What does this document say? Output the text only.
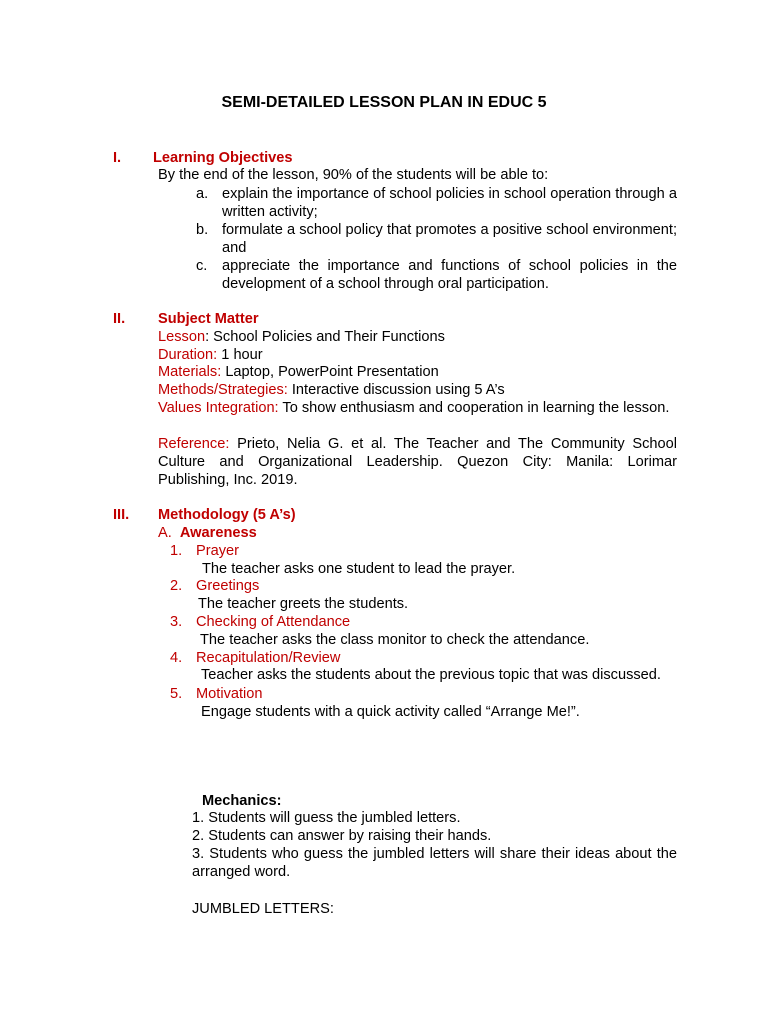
SEMI-DETAILED LESSON PLAN IN EDUC 5
I. Learning Objectives
By the end of the lesson, 90% of the students will be able to:
a. explain the importance of school policies in school operation through a written activity;
b. formulate a school policy that promotes a positive school environment; and
c. appreciate the importance and functions of school policies in the development of a school through oral participation.
II. Subject Matter
Lesson: School Policies and Their Functions
Duration: 1 hour
Materials: Laptop, PowerPoint Presentation
Methods/Strategies: Interactive discussion using 5 A’s
Values Integration: To show enthusiasm and cooperation in learning the lesson.
Reference: Prieto, Nelia G. et al. The Teacher and The Community School Culture and Organizational Leadership. Quezon City: Manila: Lorimar Publishing, Inc. 2019.
III. Methodology (5 A’s)
A. Awareness
1. Prayer
The teacher asks one student to lead the prayer.
2. Greetings
The teacher greets the students.
3. Checking of Attendance
The teacher asks the class monitor to check the attendance.
4. Recapitulation/Review
Teacher asks the students about the previous topic that was discussed.
5. Motivation
Engage students with a quick activity called “Arrange Me!”.
Mechanics:
1. Students will guess the jumbled letters.
2. Students can answer by raising their hands.
3. Students who guess the jumbled letters will share their ideas about the arranged word.
JUMBLED LETTERS:
